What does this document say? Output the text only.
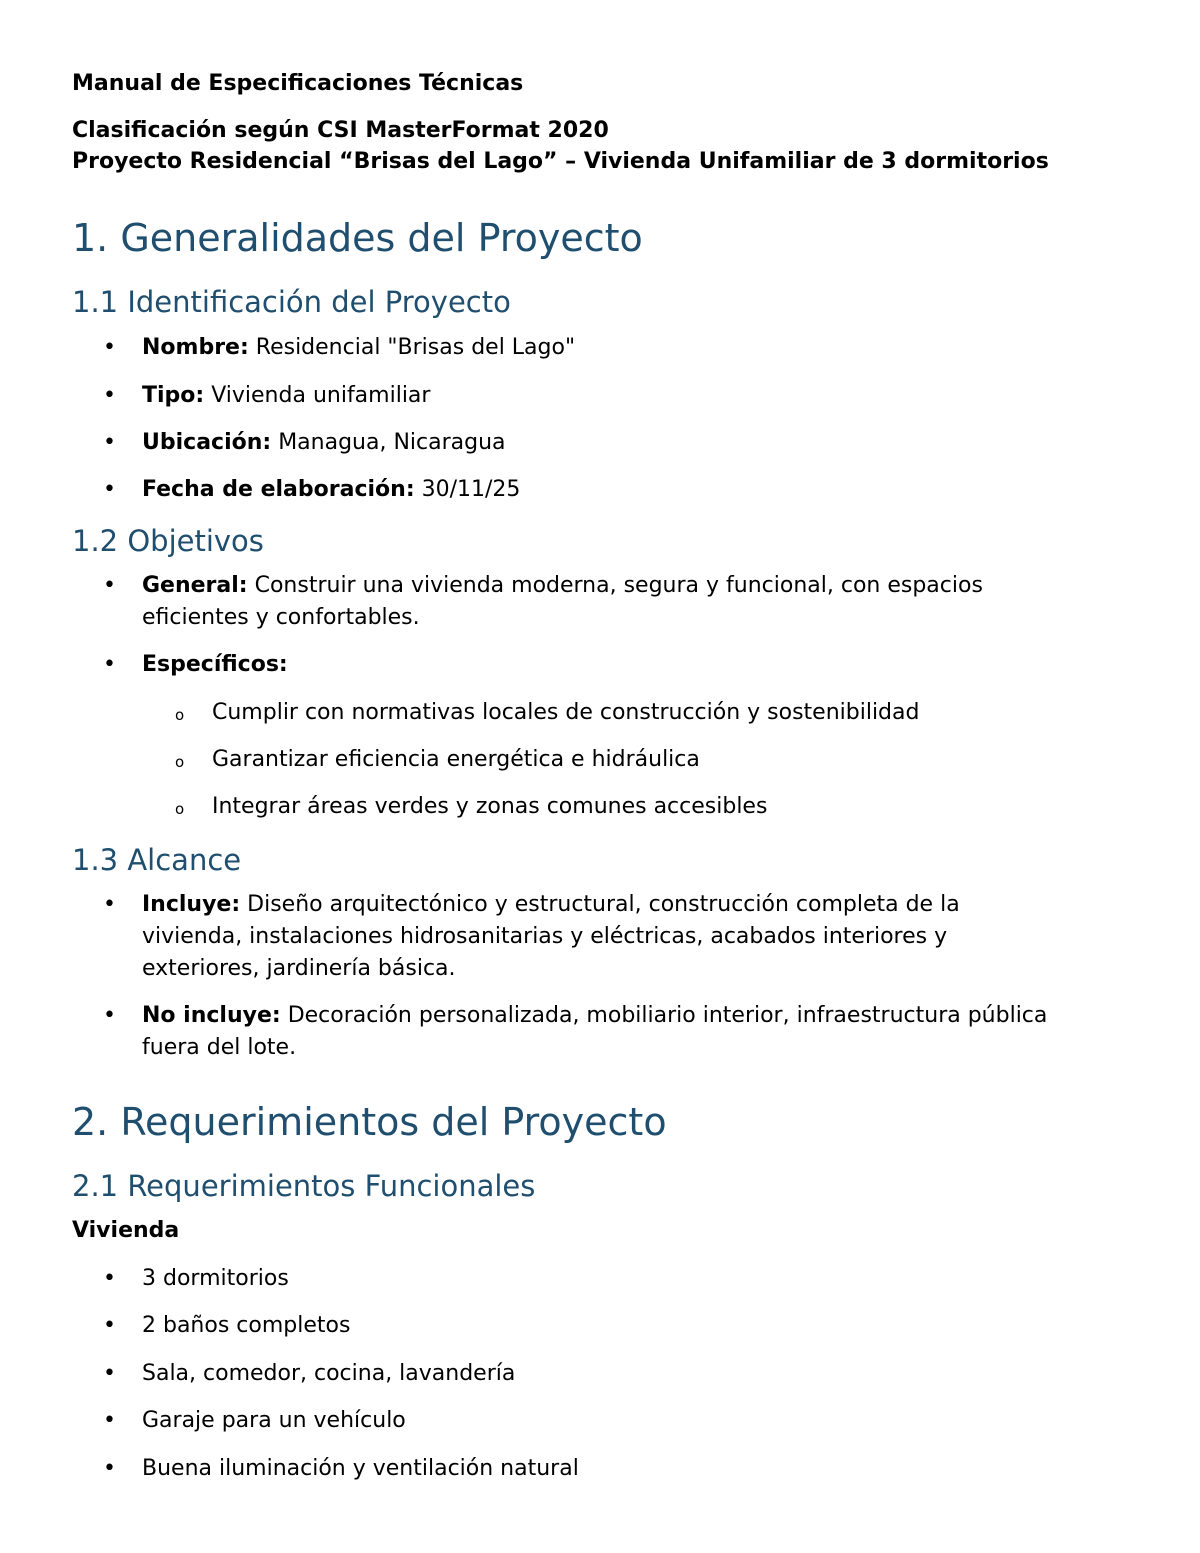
Manual de Especificaciones Técnicas
Clasificación según CSI MasterFormat 2020
Proyecto Residencial “Brisas del Lago” – Vivienda Unifamiliar de 3 dormitorios
1. Generalidades del Proyecto
1.1 Identificación del Proyecto
• Nombre: Residencial "Brisas del Lago"
• Tipo: Vivienda unifamiliar
• Ubicación: Managua, Nicaragua
• Fecha de elaboración: 30/11/25
1.2 Objetivos
• General: Construir una vivienda moderna, segura y funcional, con espacios
eficientes y confortables.
• Específicos:
o Cumplir con normativas locales de construcción y sostenibilidad
o Garantizar eficiencia energética e hidráulica
o Integrar áreas verdes y zonas comunes accesibles
1.3 Alcance
• Incluye: Diseño arquitectónico y estructural, construcción completa de la
vivienda, instalaciones hidrosanitarias y eléctricas, acabados interiores y
exteriores, jardinería básica.
• No incluye: Decoración personalizada, mobiliario interior, infraestructura pública
fuera del lote.
2. Requerimientos del Proyecto
2.1 Requerimientos Funcionales
Vivienda
• 3 dormitorios
• 2 baños completos
• Sala, comedor, cocina, lavandería
• Garaje para un vehículo
• Buena iluminación y ventilación natural
